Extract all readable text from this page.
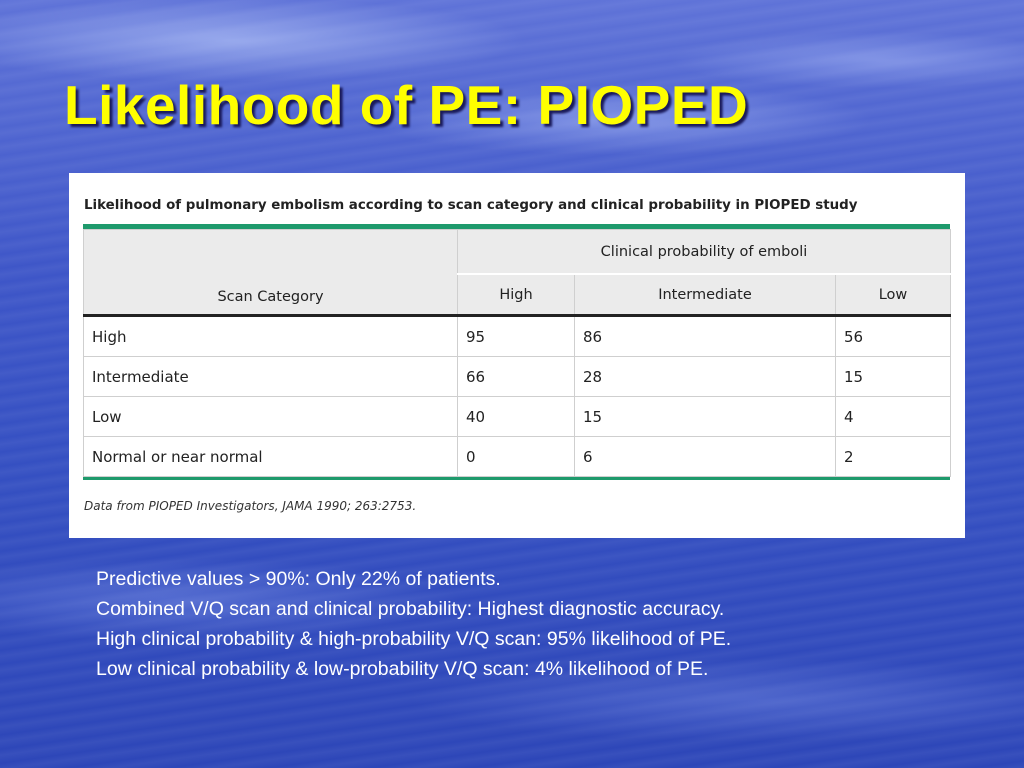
Likelihood of PE: PIOPED
Likelihood of pulmonary embolism according to scan category and clinical probability in PIOPED study
Scan Category	Clinical probability of emboli		
	High	Intermediate	Low
High	95	86	56
Intermediate	66	28	15
Low	40	15	4
Normal or near normal	0	6	2
Data from PIOPED Investigators, JAMA 1990; 263:2753.
Predictive values > 90%: Only 22% of patients.
Combined V/Q scan and clinical probability: Highest diagnostic accuracy.
High clinical probability & high-probability V/Q scan: 95% likelihood of PE.
Low clinical probability & low-probability V/Q scan: 4% likelihood of PE.
